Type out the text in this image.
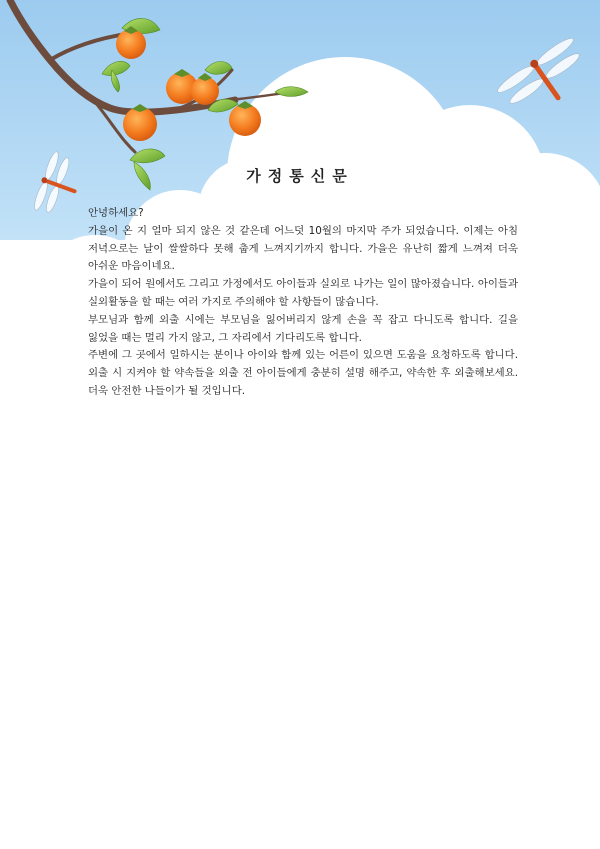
가정통신문

안녕하세요?

가을이 온 지 얼마 되지 않은 것 같은데 어느덧 10월의 마지막 주가 되었습니다. 이제는 아침 저녁으로는 날이 쌀쌀하다 못해 춥게 느껴지기까지 합니다. 가을은 유난히 짧게 느껴져 더욱 아쉬운 마음이네요.

가을이 되어 원에서도 그리고 가정에서도 아이들과 실외로 나가는 일이 많아졌습니다. 아이들과 실외활동을 할 때는 여러 가지로 주의해야 할 사항들이 많습니다.

부모님과 함께 외출 시에는 부모님을 잃어버리지 않게 손을 꼭 잡고 다니도록 합니다. 길을 잃었을 때는 멀리 가지 않고, 그 자리에서 기다리도록 합니다.

주변에 그 곳에서 일하시는 분이나 아이와 함께 있는 어른이 있으면 도움을 요청하도록 합니다. 외출 시 지켜야 할 약속들을 외출 전 아이들에게 충분히 설명 해주고, 약속한 후 외출해보세요. 더욱 안전한 나들이가 될 것입니다.
